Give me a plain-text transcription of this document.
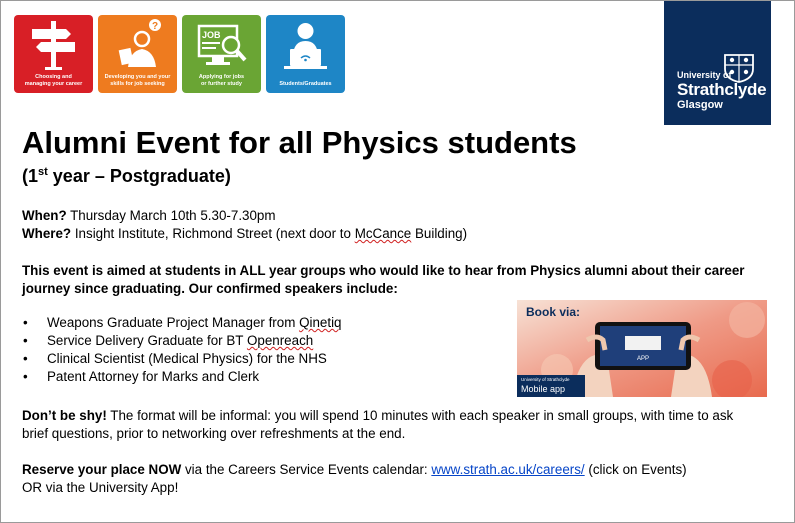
Choosing and
managing your career
?
Developing you and your
skills for job seeking
JOB
Applying for jobs
or further study	Students/Graduates
University of
Strathclyde
Glasgow
Alumni Event for all Physics students
(1st year – Postgraduate)
When? Thursday March 10th 5.30-7.30pm
Where? Insight Institute, Richmond Street (next door to McCance Building)
This event is aimed at students in ALL year groups who would like to hear from Physics alumni about their career
journey since graduating. Our confirmed speakers include:
• Weapons Graduate Project Manager from Qinetiq
• Service Delivery Graduate for BT Openreach
• Clinical Scientist (Medical Physics) for the NHS
• Patent Attorney for Marks and Clerk
APP
Book via:
University of Strathclyde
Mobile app
Don’t be shy! The format will be informal: you will spend 10 minutes with each speaker in small groups, with time to ask
brief questions, prior to networking over refreshments at the end.
Reserve your place NOW via the Careers Service Events calendar: www.strath.ac.uk/careers/ (click on Events)
OR via the University App!
